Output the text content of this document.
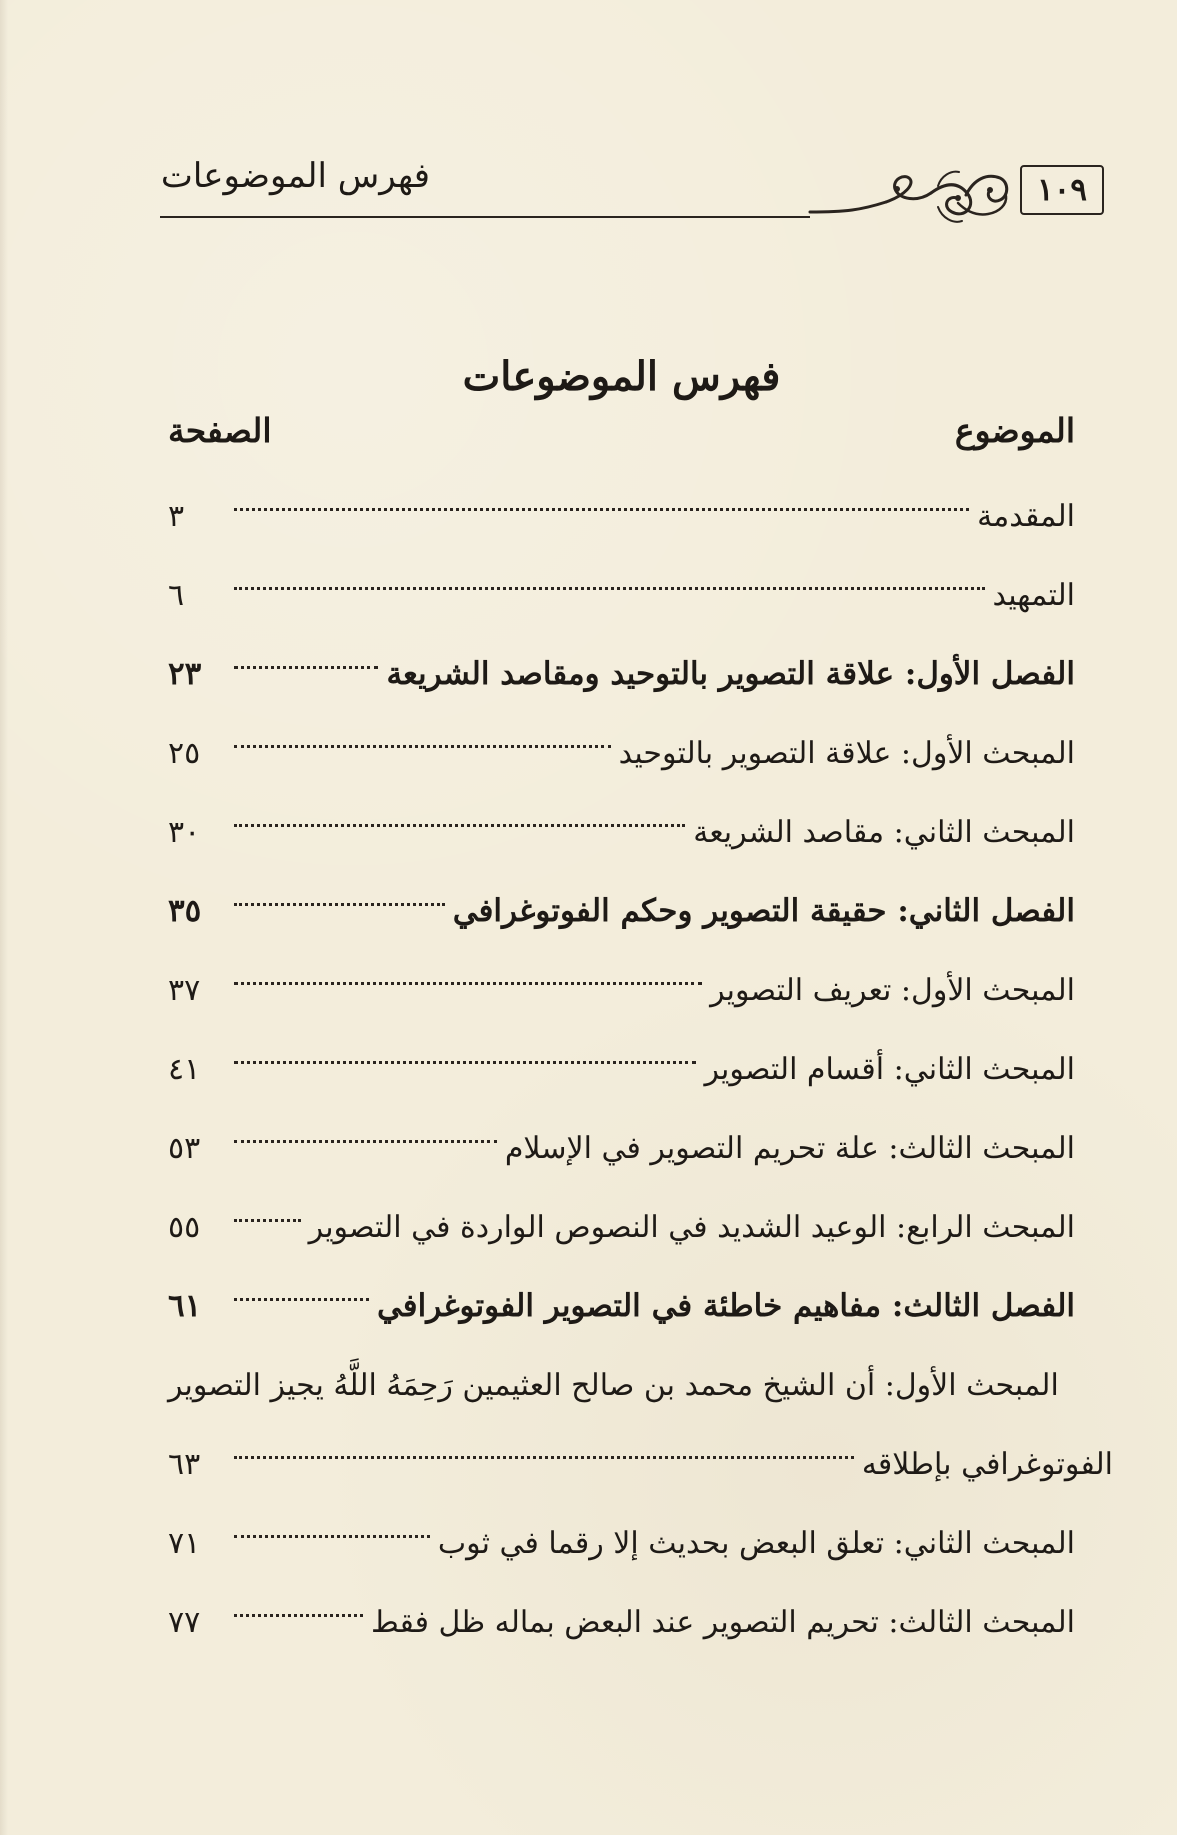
فهرس الموضوعات	١٠٩
فهرس الموضوعات
الموضوع
الصفحة
المقدمة
٣
التمهيد
٦
الفصل الأول: علاقة التصوير بالتوحيد ومقاصد الشريعة
٢٣
المبحث الأول: علاقة التصوير بالتوحيد
٢٥
المبحث الثاني: مقاصد الشريعة
٣٠
الفصل الثاني: حقيقة التصوير وحكم الفوتوغرافي
٣٥
المبحث الأول: تعريف التصوير
٣٧
المبحث الثاني: أقسام التصوير
٤١
المبحث الثالث: علة تحريم التصوير في الإسلام
٥٣
المبحث الرابع: الوعيد الشديد في النصوص الواردة في التصوير
٥٥
الفصل الثالث: مفاهيم خاطئة في التصوير الفوتوغرافي
٦١
المبحث الأول: أن الشيخ محمد بن صالح العثيمين رَحِمَهُ اللَّهُ يجيز التصوير
الفوتوغرافي بإطلاقه
٦٣
المبحث الثاني: تعلق البعض بحديث إلا رقما في ثوب
٧١
المبحث الثالث: تحريم التصوير عند البعض بماله ظل فقط
٧٧
